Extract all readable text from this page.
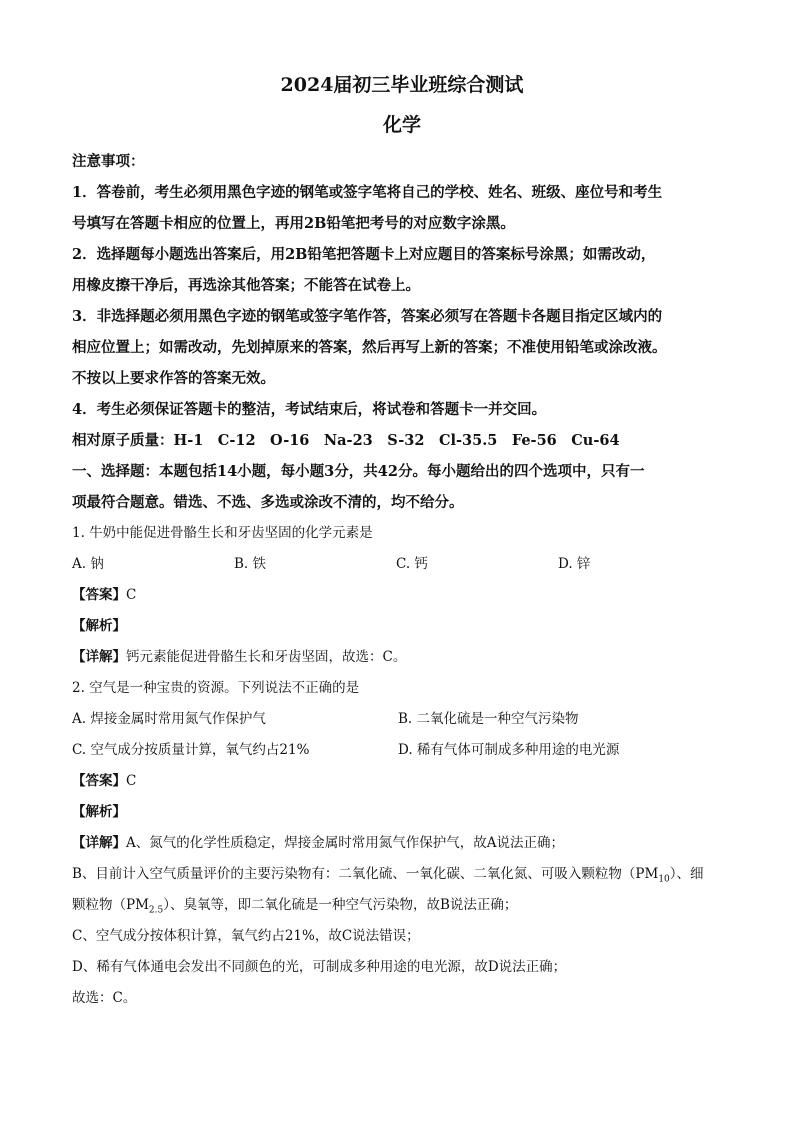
2024届初三毕业班综合测试

化学

注意事项：

1．答卷前，考生必须用黑色字迹的钢笔或签字笔将自己的学校、姓名、班级、座位号和考生

号填写在答题卡相应的位置上，再用2B铅笔把考号的对应数字涂黑。

2．选择题每小题选出答案后，用2B铅笔把答题卡上对应题目的答案标号涂黑；如需改动，

用橡皮擦干净后，再选涂其他答案；不能答在试卷上。

3．非选择题必须用黑色字迹的钢笔或签字笔作答，答案必须写在答题卡各题目指定区域内的

相应位置上；如需改动，先划掉原来的答案，然后再写上新的答案；不准使用铅笔或涂改液。

不按以上要求作答的答案无效。

4．考生必须保证答题卡的整洁，考试结束后，将试卷和答题卡一并交回。

相对原子质量：H-1　C-12　O-16　Na-23　S-32　Cl-35.5　Fe-56　Cu-64

一、选择题：本题包括14小题，每小题3分，共42分。每小题给出的四个选项中，只有一

项最符合题意。错选、不选、多选或涂改不清的，均不给分。

1. 牛奶中能促进骨骼生长和牙齿坚固的化学元素是

A. 钠	B. 铁	C. 钙	D. 锌

【答案】C

【解析】

【详解】钙元素能促进骨骼生长和牙齿坚固，故选：C。

2. 空气是一种宝贵的资源。下列说法不正确的是

A. 焊接金属时常用氮气作保护气	B. 二氧化硫是一种空气污染物
C. 空气成分按质量计算，氧气约占21%	D. 稀有气体可制成多种用途的电光源

【答案】C

【解析】

【详解】A、氮气的化学性质稳定，焊接金属时常用氮气作保护气，故A说法正确；

B、目前计入空气质量评价的主要污染物有：二氧化硫、一氧化碳、二氧化氮、可吸入颗粒物$(PM_{10})$、细

颗粒物$(PM_{2.5})$、臭氧等，即二氧化硫是一种空气污染物，故B说法正确；

C、空气成分按体积计算，氧气约占21%，故C说法错误；

D、稀有气体通电会发出不同颜色的光，可制成多种用途的电光源，故D说法正确；

故选：C。
